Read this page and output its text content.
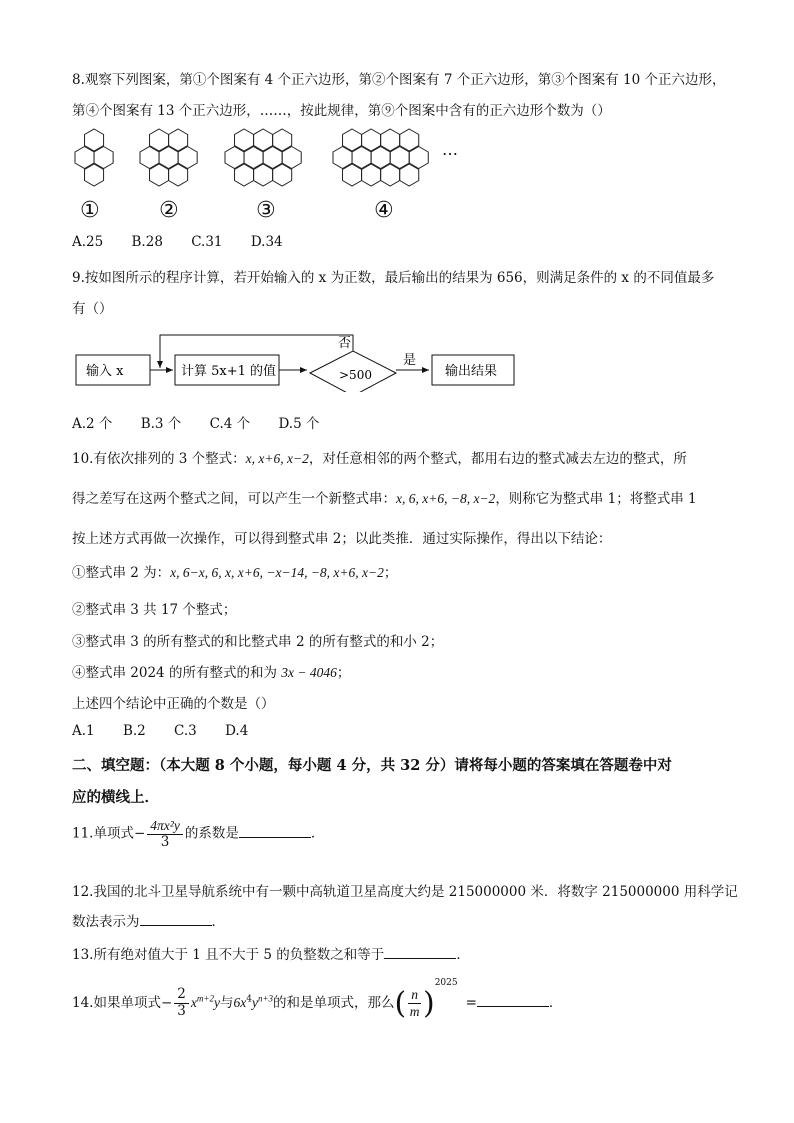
8.观察下列图案，第①个图案有 4 个正六边形，第②个图案有 7 个正六边形，第③个图案有 10 个正六边形，
第④个图案有 13 个正六边形，……，按此规律，第⑨个图案中含有的正六边形个数为（）
…
①	②	③	④
A.25 B.28 C.31 D.34
9.按如图所示的程序计算，若开始输入的 x 为正数，最后输出的结果为 656，则满足条件的 x 的不同值最多
有（）
输入 x	计算 5x+1 的值	>500
是
输出结果
否
A.2 个 B.3 个 C.4 个 D.5 个
10.有依次排列的 3 个整式：x, x+6, x−2，对任意相邻的两个整式，都用右边的整式减去左边的整式，所
得之差写在这两个整式之间，可以产生一个新整式串：x, 6, x+6, −8, x−2，则称它为整式串 1；将整式串 1
按上述方式再做一次操作，可以得到整式串 2；以此类推．通过实际操作，得出以下结论：
①整式串 2 为：x, 6−x, 6, x, x+6, −x−14, −8, x+6, x−2；
②整式串 3 共 17 个整式；
③整式串 3 的所有整式的和比整式串 2 的所有整式的和小 2；
④整式串 2024 的所有整式的和为 3x − 4046；
上述四个结论中正确的个数是（）
A.1 B.2 C.3 D.4
二、填空题：（本大题 8 个小题，每小题 4 分，共 32 分）请将每小题的答案填在答题卷中对
应的横线上．
11.单项式− $\frac{\text{4πx²y}}{3}$ 的系数是	．
12.我国的北斗卫星导航系统中有一颗中高轨道卫星高度大约是 215000000 米．将数字 215000000 用科学记
数法表示为	．
13.所有绝对值大于 1 且不大于 5 的负整数之和等于	．
14.如果单项式− $\frac{2}{3} x^{m+2}y$与$6x^4y^{n+3}$的和是单项式，那么( $\frac{n}{m} )^{2025}=$	．
